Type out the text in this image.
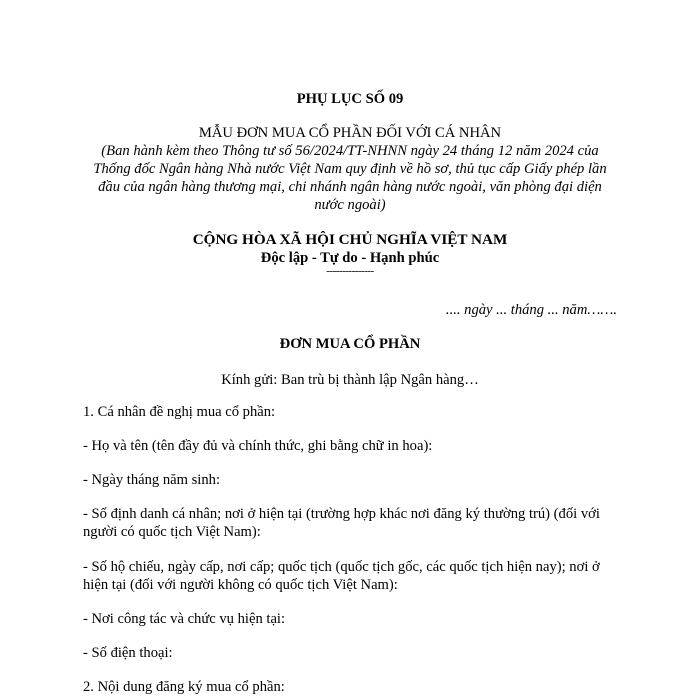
PHỤ LỤC SỐ 09
MẪU ĐƠN MUA CỔ PHẦN ĐỐI VỚI CÁ NHÂN
(Ban hành kèm theo Thông tư số 56/2024/TT-NHNN ngày 24 tháng 12 năm 2024 của
Thống đốc Ngân hàng Nhà nước Việt Nam quy định về hồ sơ, thủ tục cấp Giấy phép lần
đầu của ngân hàng thương mại, chi nhánh ngân hàng nước ngoài, văn phòng đại diện
nước ngoài)
CỘNG HÒA XÃ HỘI CHỦ NGHĨA VIỆT NAM
Độc lập - Tự do - Hạnh phúc
---------------
.... ngày ... tháng ... năm…….
ĐƠN MUA CỔ PHẦN
Kính gửi: Ban trù bị thành lập Ngân hàng…
1. Cá nhân đề nghị mua cổ phần:
- Họ và tên (tên đầy đủ và chính thức, ghi bằng chữ in hoa):
- Ngày tháng năm sinh:
- Số định danh cá nhân; nơi ở hiện tại (trường hợp khác nơi đăng ký thường trú) (đối với
người có quốc tịch Việt Nam):
- Số hộ chiếu, ngày cấp, nơi cấp; quốc tịch (quốc tịch gốc, các quốc tịch hiện nay); nơi ở
hiện tại (đối với người không có quốc tịch Việt Nam):
- Nơi công tác và chức vụ hiện tại:
- Số điện thoại:
2. Nội dung đăng ký mua cổ phần:
